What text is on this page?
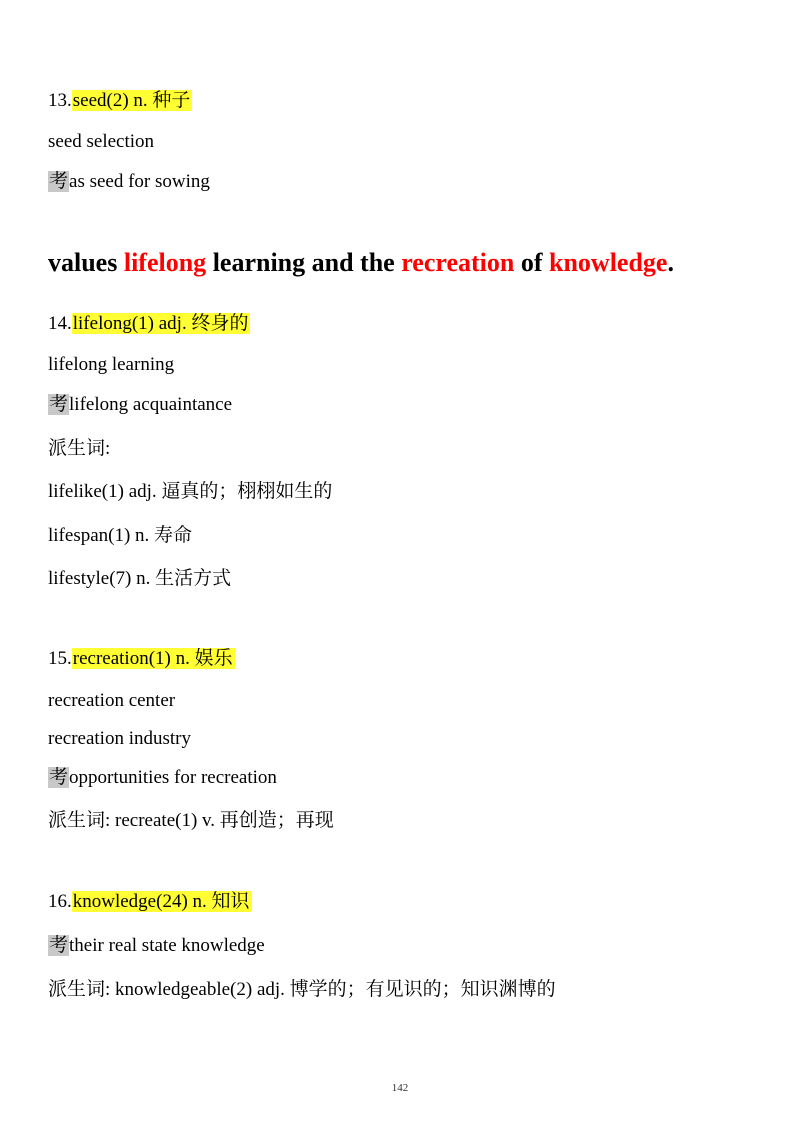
13.seed(2) n. 种子
seed selection
考as seed for sowing
values lifelong learning and the recreation of knowledge.
14.lifelong(1) adj. 终身的
lifelong learning
考lifelong acquaintance
派生词:
lifelike(1) adj. 逼真的；栩栩如生的
lifespan(1) n. 寿命
lifestyle(7) n. 生活方式
15.recreation(1) n. 娱乐
recreation center
recreation industry
考opportunities for recreation
派生词: recreate(1) v. 再创造；再现
16.knowledge(24) n. 知识
考their real state knowledge
派生词: knowledgeable(2) adj. 博学的；有见识的；知识渊博的
142
